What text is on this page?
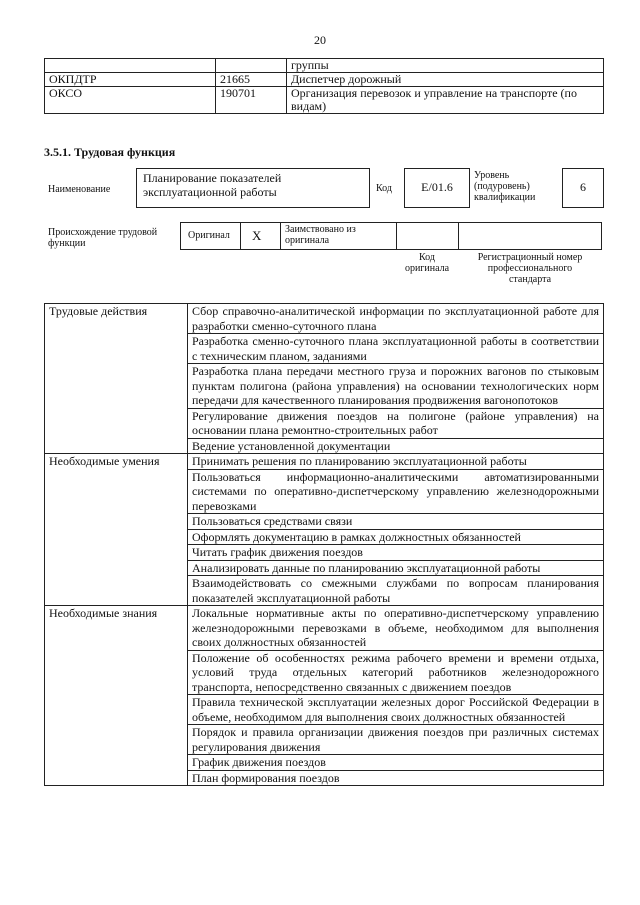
20
		группы
ОКПДТР	21665	Диспетчер дорожный
ОКСО	190701	Организация перевозок и управление на транспорте (по видам)
3.5.1. Трудовая функция
Наименование
Планирование показателей эксплуатационной работы	Код	E/01.6
Уровень (подуровень) квалификации
6
Происхождение трудовой функции
Оригинал X Заимствовано из оригинала
Код оригинала
Регистрационный номер профессионального стандарта
Трудовые действия	Сбор справочно-аналитической информации по эксплуатационной работе для разработки сменно-суточного плана
	Разработка сменно-суточного плана эксплуатационной работы в соответствии с техническим планом, заданиями
	Разработка плана передачи местного груза и порожних вагонов по стыковым пунктам полигона (района управления) на основании технологических норм передачи для качественного планирования продвижения вагонопотоков
	Регулирование движения поездов на полигоне (районе управления) на основании плана ремонтно-строительных работ
	Ведение установленной документации
Необходимые умения	Принимать решения по планированию эксплуатационной работы
	Пользоваться информационно-аналитическими автоматизированными системами по оперативно-диспетчерскому управлению железнодорожными перевозками
	Пользоваться средствами связи
	Оформлять документацию в рамках должностных обязанностей
	Читать график движения поездов
	Анализировать данные по планированию эксплуатационной работы
	Взаимодействовать со смежными службами по вопросам планирования показателей эксплуатационной работы
Необходимые знания	Локальные нормативные акты по оперативно-диспетчерскому управлению железнодорожными перевозками в объеме, необходимом для выполнения своих должностных обязанностей
	Положение об особенностях режима рабочего времени и времени отдыха, условий труда отдельных категорий работников железнодорожного транспорта, непосредственно связанных с движением поездов
	Правила технической эксплуатации железных дорог Российской Федерации в объеме, необходимом для выполнения своих должностных обязанностей
	Порядок и правила организации движения поездов при различных системах регулирования движения
	График движения поездов
	План формирования поездов
